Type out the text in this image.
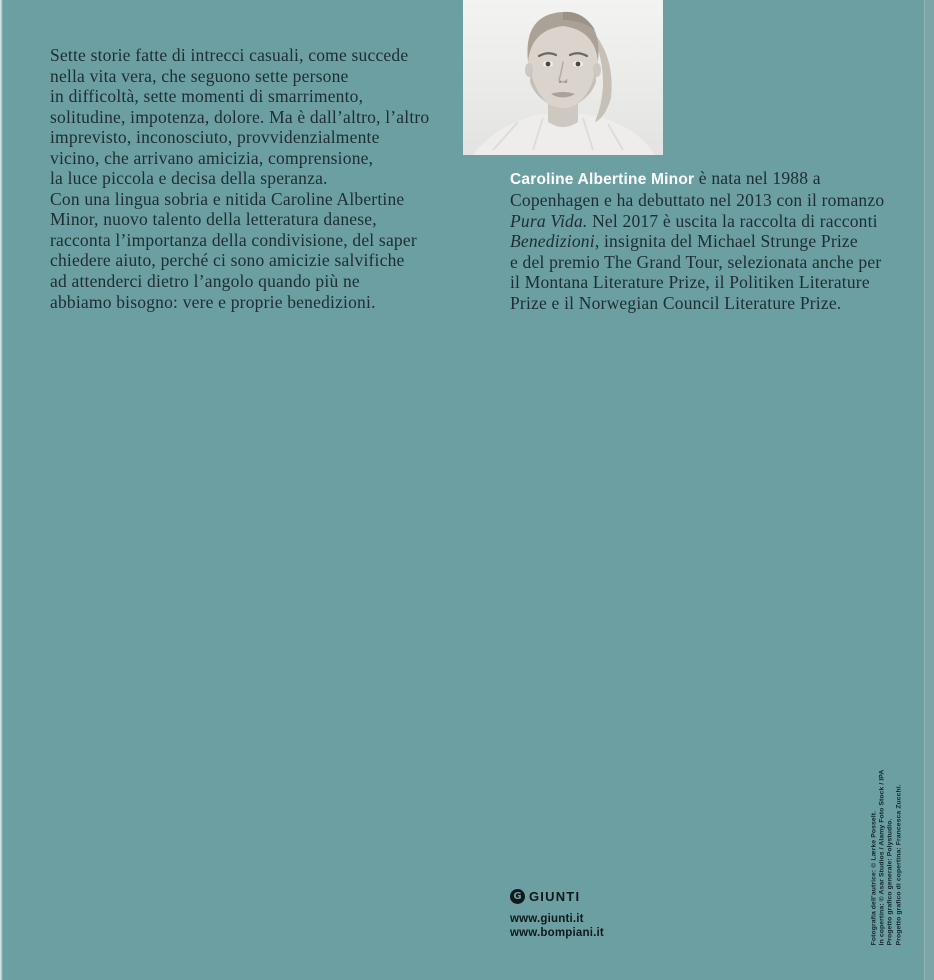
Sette storie fatte di intrecci casuali, come succede
nella vita vera, che seguono sette persone
in difficoltà, sette momenti di smarrimento,
solitudine, impotenza, dolore. Ma è dall’altro, l’altro
imprevisto, inconosciuto, provvidenzialmente
vicino, che arrivano amicizia, comprensione,
la luce piccola e decisa della speranza.
Con una lingua sobria e nitida Caroline Albertine
Minor, nuovo talento della letteratura danese,
racconta l’importanza della condivisione, del saper
chiedere aiuto, perché ci sono amicizie salvifiche
ad attenderci dietro l’angolo quando più ne
abbiamo bisogno: vere e proprie benedizioni.
Caroline Albertine Minor è nata nel 1988 a
Copenhagen e ha debuttato nel 2013 con il romanzo
Pura Vida. Nel 2017 è uscita la raccolta di racconti
Benedizioni, insignita del Michael Strunge Prize
e del premio The Grand Tour, selezionata anche per
il Montana Literature Prize, il Politiken Literature
Prize e il Norwegian Council Literature Prize.
G GIUNTI
www.giunti.it
www.bompiani.it	Fotografia dell’autrice: © Lærke Posselt. In copertina: © Asar Studios / Alamy Foto Stock / IPA Progetto grafico generale: Polystudio. Progetto grafico di copertina: Francesca Zucchi.
